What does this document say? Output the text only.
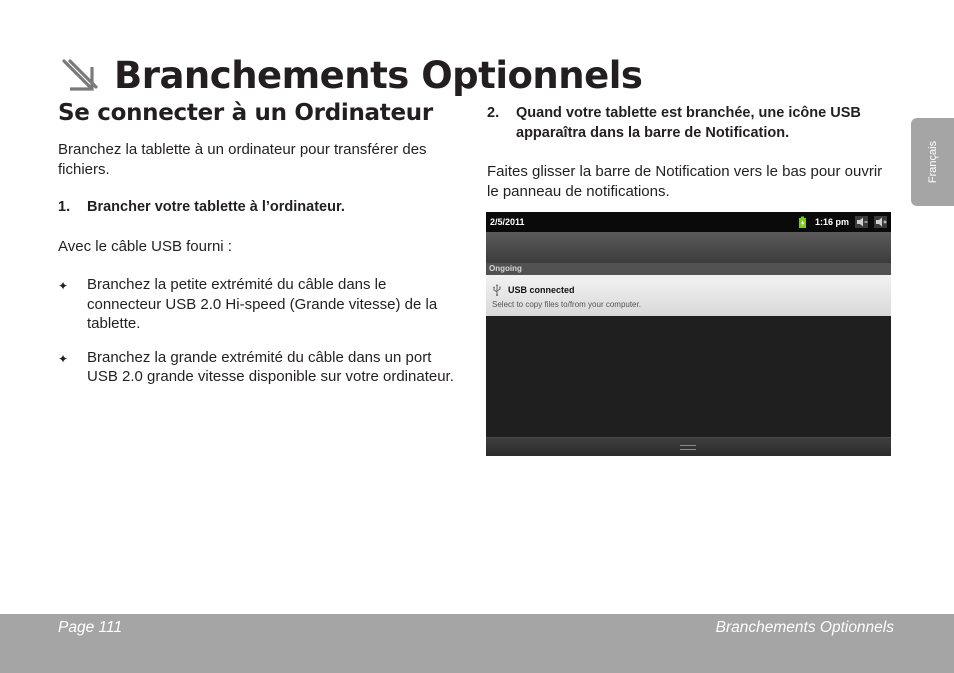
Branchements Optionnels
Se connecter à un Ordinateur

Branchez la tablette à un ordinateur pour transférer des fichiers.

1.	Brancher votre tablette à l’ordinateur.

Avec le câble USB fourni :

✦	Branchez la petite extrémité du câble dans le connecteur USB 2.0 Hi-speed (Grande vitesse) de la tablette.
✦	Branchez la grande extrémité du câble dans un port USB 2.0 grande vitesse disponible sur votre ordinateur.
2.	Quand votre tablette est branchée, une icône USB apparaîtra dans la barre de Notification.

Faites glisser la barre de Notification vers le bas pour ouvrir le panneau de notifications.

2/5/2011	1:16 pm
Ongoing
USB connected
Select to copy files to/from your computer.
Français
Page 111	Branchements Optionnels
